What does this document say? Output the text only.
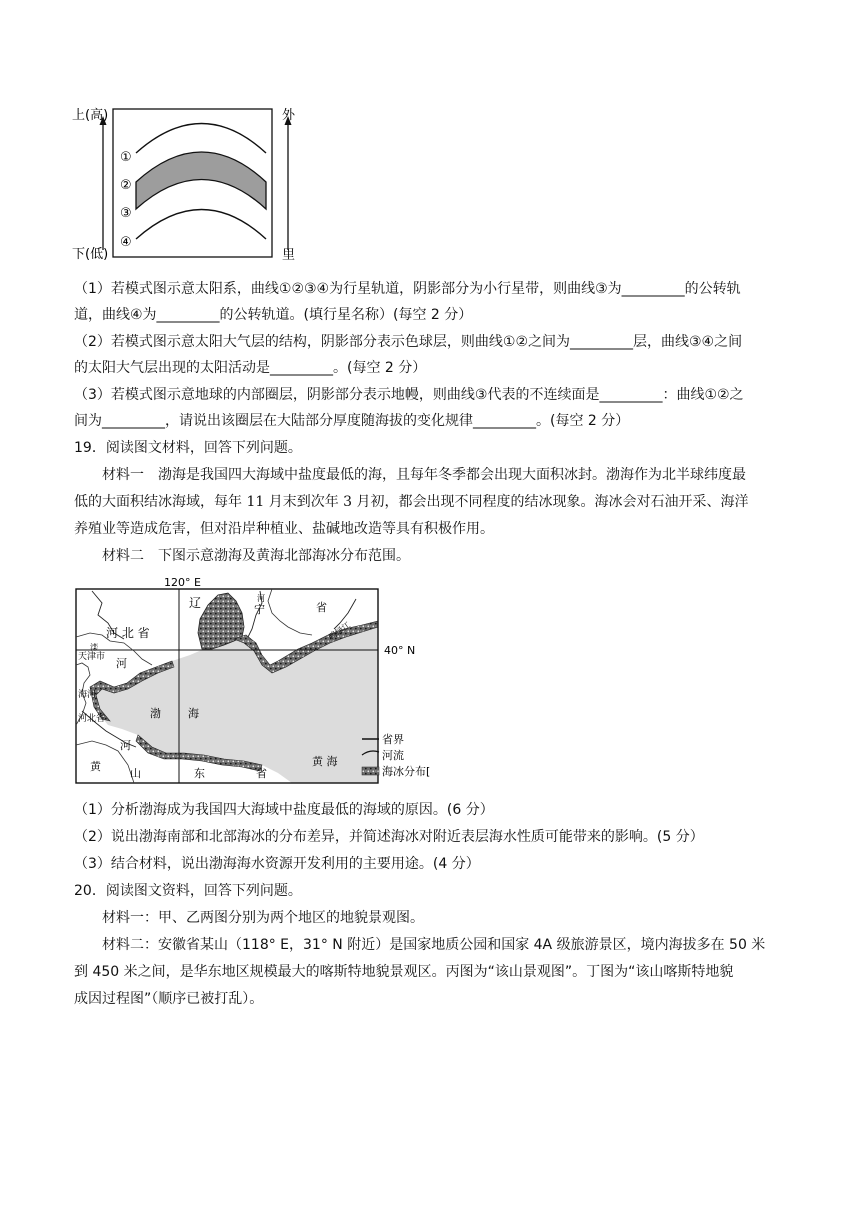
①
②
③
④
上(高)
下(低)
外
里
（1）若模式图示意太阳系，曲线①②③④为行星轨道，阴影部分为小行星带，则曲线③为_________的公转轨
道，曲线④为_________的公转轨道。(填行星名称）(每空 2 分）
（2）若模式图示意太阳大气层的结构，阴影部分表示色球层，则曲线①②之间为_________层，曲线③④之间
的太阳大气层出现的太阳活动是_________。(每空 2 分）
（3）若模式图示意地球的内部圈层，阴影部分表示地幔，则曲线③代表的不连续面是_________：曲线①②之
间为_________，请说出该圈层在大陆部分厚度随海拔的变化规律_________。(每空 2 分）
19．阅读图文材料，回答下列问题。
材料一　渤海是我国四大海域中盐度最低的海，且每年冬季都会出现大面积冰封。渤海作为北半球纬度最
低的大面积结冰海域，每年 11 月末到次年 3 月初，都会出现不同程度的结冰现象。海冰会对石油开采、海洋
养殖业等造成危害，但对沿岸种植业、盐碱地改造等具有积极作用。
材料二　下图示意渤海及黄海北部海冰分布范围。
120° E
40° N
辽	河
宁	省
鸭绿江
河 北 省
滦
河
天津市
海河
河北省	渤 海
河
黄
山	东	省
黄 海
省界
河流
海冰分布[
（1）分析渤海成为我国四大海域中盐度最低的海域的原因。(6 分）
（2）说出渤海南部和北部海冰的分布差异，并简述海冰对附近表层海水性质可能带来的影响。(5 分）
（3）结合材料，说出渤海海水资源开发利用的主要用途。(4 分）
20．阅读图文资料，回答下列问题。
材料一：甲、乙两图分别为两个地区的地貌景观图。
材料二：安徽省某山（118° E，31° N 附近）是国家地质公园和国家 4A 级旅游景区，境内海拔多在 50 米
到 450 米之间，是华东地区规模最大的喀斯特地貌景观区。丙图为“该山景观图”。丁图为“该山喀斯特地貌
成因过程图”（顺序已被打乱）。
